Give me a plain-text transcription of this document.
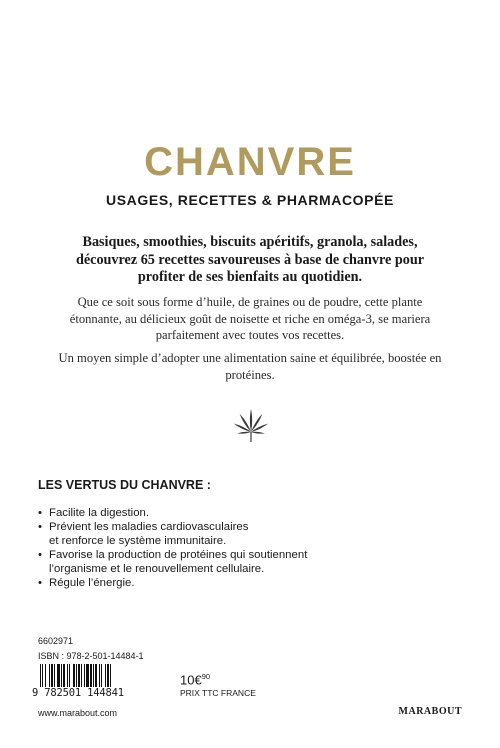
CHANVRE
USAGES, RECETTES & PHARMACOPÉE
Basiques, smoothies, biscuits apéritifs, granola, salades, découvrez 65 recettes savoureuses à base de chanvre pour profiter de ses bienfaits au quotidien.
Que ce soit sous forme d’huile, de graines ou de poudre, cette plante étonnante, au délicieux goût de noisette et riche en oméga-3, se mariera parfaitement avec toutes vos recettes.
Un moyen simple d’adopter une alimentation saine et équilibrée, boostée en protéines.
LES VERTUS DU CHANVRE :
• Facilite la digestion.
• Prévient les maladies cardiovasculaires
et renforce le système immunitaire.
• Favorise la production de protéines qui soutiennent
l’organisme et le renouvellement cellulaire.
• Régule l’énergie.
6602971
ISBN : 978-2-501-14484-1
9 782501 144841
10€$^{90}$
PRIX TTC FRANCE
www.marabout.com	MARABOUT
